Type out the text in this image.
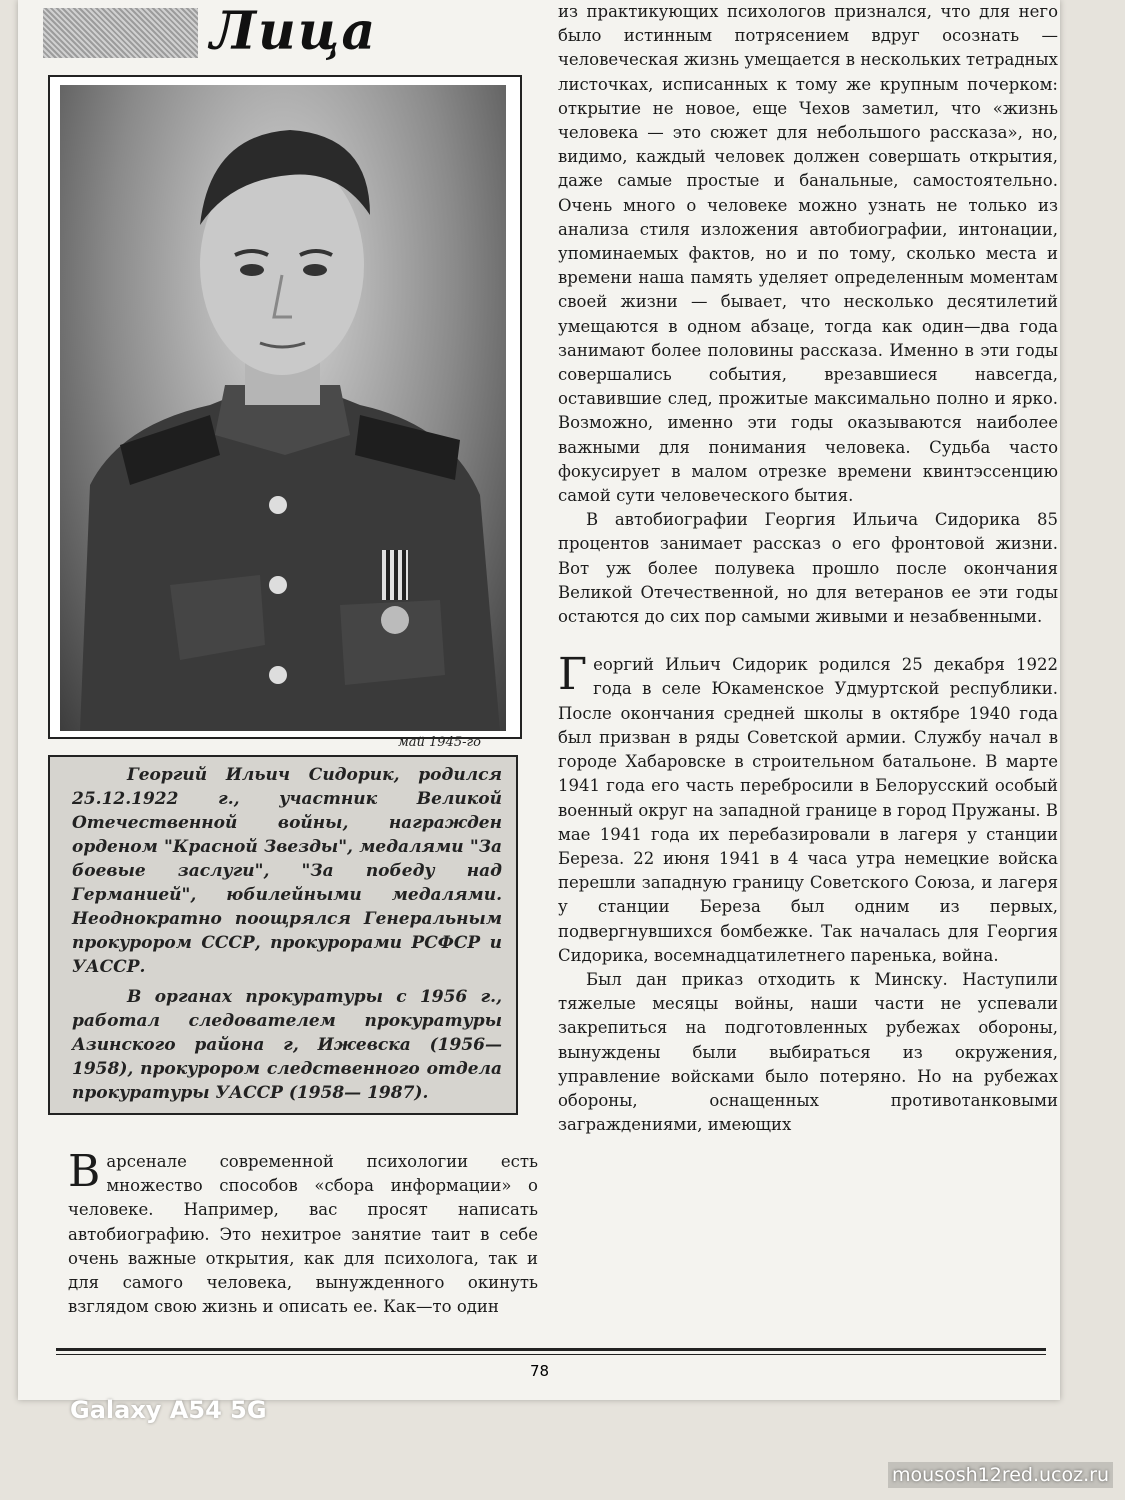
Лица
май 1945-го

Георгий Ильич Сидорик, родился 25.12.1922 г., участник Великой Отечественной войны, награжден орденом "Красной Звезды", медалями "За боевые заслуги", "За победу над Германией", юбилейными медалями. Неоднократно поощрялся Генеральным прокурором СССР, прокурорами РСФСР и УАССР.

В органах прокуратуры с 1956 г., работал следователем прокуратуры Азинского района г, Ижевска (1956—1958), прокурором следственного отдела прокуратуры УАССР (1958— 1987).

В арсенале современной психологии есть множество способов «сбора информации» о человеке. Например, вас просят написать автобиографию. Это нехитрое занятие таит в себе очень важные открытия, как для психолога, так и для самого человека, вынужденного окинуть взглядом свою жизнь и описать ее. Как—то один

из практикующих психологов признался, что для него было истинным потрясением вдруг осознать — человеческая жизнь умещается в нескольких тетрадных листочках, исписанных к тому же крупным почерком: открытие не новое, еще Чехов заметил, что «жизнь человека — это сюжет для небольшого рассказа», но, видимо, каждый человек должен совершать открытия, даже самые простые и банальные, самостоятельно. Очень много о человеке можно узнать не только из анализа стиля изложения автобиографии, интонации, упоминаемых фактов, но и по тому, сколько места и времени наша память уделяет определенным моментам своей жизни — бывает, что несколько десятилетий умещаются в одном абзаце, тогда как один—два года занимают более половины рассказа. Именно в эти годы совершались события, врезавшиеся навсегда, оставившие след, прожитые максимально полно и ярко. Возможно, именно эти годы оказываются наиболее важными для понимания человека. Судьба часто фокусирует в малом отрезке времени квинтэссенцию самой сути человеческого бытия.

В автобиографии Георгия Ильича Сидорика 85 процентов занимает рассказ о его фронтовой жизни. Вот уж более полувека прошло после окончания Великой Отечественной, но для ветеранов ее эти годы остаются до сих пор самыми живыми и незабвенными.

Г еоргий Ильич Сидорик родился 25 декабря 1922 года в селе Юкаменское Удмуртской республики. После окончания средней школы в октябре 1940 года был призван в ряды Советской армии. Службу начал в городе Хабаровске в строительном батальоне. В марте 1941 года его часть перебросили в Белорусский особый военный округ на западной границе в город Пружаны. В мае 1941 года их перебазировали в лагеря у станции Береза. 22 июня 1941 в 4 часа утра немецкие войска перешли западную границу Советского Союза, и лагеря у станции Береза был одним из первых, подвергнувшихся бомбежке. Так началась для Георгия Сидорика, восемнадцатилетнего паренька, война.

Был дан приказ отходить к Минску. Наступили тяжелые месяцы войны, наши части не успевали закрепиться на подготовленных рубежах обороны, вынуждены были выбираться из окружения, управление войсками было потеряно. Но на рубежах обороны, оснащенных противотанковыми заграждениями, имеющих

78
Galaxy A54 5G
mousosh12red.ucoz.ru
